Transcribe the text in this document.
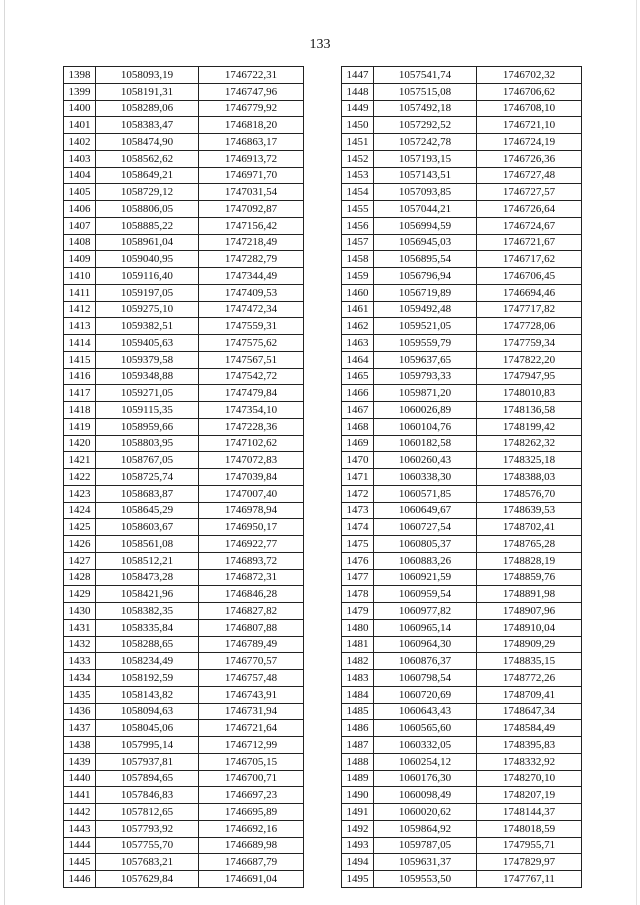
133
1398	1058093,19	1746722,31
1399	1058191,31	1746747,96
1400	1058289,06	1746779,92
1401	1058383,47	1746818,20
1402	1058474,90	1746863,17
1403	1058562,62	1746913,72
1404	1058649,21	1746971,70
1405	1058729,12	1747031,54
1406	1058806,05	1747092,87
1407	1058885,22	1747156,42
1408	1058961,04	1747218,49
1409	1059040,95	1747282,79
1410	1059116,40	1747344,49
1411	1059197,05	1747409,53
1412	1059275,10	1747472,34
1413	1059382,51	1747559,31
1414	1059405,63	1747575,62
1415	1059379,58	1747567,51
1416	1059348,88	1747542,72
1417	1059271,05	1747479,84
1418	1059115,35	1747354,10
1419	1058959,66	1747228,36
1420	1058803,95	1747102,62
1421	1058767,05	1747072,83
1422	1058725,74	1747039,84
1423	1058683,87	1747007,40
1424	1058645,29	1746978,94
1425	1058603,67	1746950,17
1426	1058561,08	1746922,77
1427	1058512,21	1746893,72
1428	1058473,28	1746872,31
1429	1058421,96	1746846,28
1430	1058382,35	1746827,82
1431	1058335,84	1746807,88
1432	1058288,65	1746789,49
1433	1058234,49	1746770,57
1434	1058192,59	1746757,48
1435	1058143,82	1746743,91
1436	1058094,63	1746731,94
1437	1058045,06	1746721,64
1438	1057995,14	1746712,99
1439	1057937,81	1746705,15
1440	1057894,65	1746700,71
1441	1057846,83	1746697,23
1442	1057812,65	1746695,89
1443	1057793,92	1746692,16
1444	1057755,70	1746689,98
1445	1057683,21	1746687,79
1446	1057629,84	1746691,04
1447	1057541,74	1746702,32
1448	1057515,08	1746706,62
1449	1057492,18	1746708,10
1450	1057292,52	1746721,10
1451	1057242,78	1746724,19
1452	1057193,15	1746726,36
1453	1057143,51	1746727,48
1454	1057093,85	1746727,57
1455	1057044,21	1746726,64
1456	1056994,59	1746724,67
1457	1056945,03	1746721,67
1458	1056895,54	1746717,62
1459	1056796,94	1746706,45
1460	1056719,89	1746694,46
1461	1059492,48	1747717,82
1462	1059521,05	1747728,06
1463	1059559,79	1747759,34
1464	1059637,65	1747822,20
1465	1059793,33	1747947,95
1466	1059871,20	1748010,83
1467	1060026,89	1748136,58
1468	1060104,76	1748199,42
1469	1060182,58	1748262,32
1470	1060260,43	1748325,18
1471	1060338,30	1748388,03
1472	1060571,85	1748576,70
1473	1060649,67	1748639,53
1474	1060727,54	1748702,41
1475	1060805,37	1748765,28
1476	1060883,26	1748828,19
1477	1060921,59	1748859,76
1478	1060959,54	1748891,98
1479	1060977,82	1748907,96
1480	1060965,14	1748910,04
1481	1060964,30	1748909,29
1482	1060876,37	1748835,15
1483	1060798,54	1748772,26
1484	1060720,69	1748709,41
1485	1060643,43	1748647,34
1486	1060565,60	1748584,49
1487	1060332,05	1748395,83
1488	1060254,12	1748332,92
1489	1060176,30	1748270,10
1490	1060098,49	1748207,19
1491	1060020,62	1748144,37
1492	1059864,92	1748018,59
1493	1059787,05	1747955,71
1494	1059631,37	1747829,97
1495	1059553,50	1747767,11
